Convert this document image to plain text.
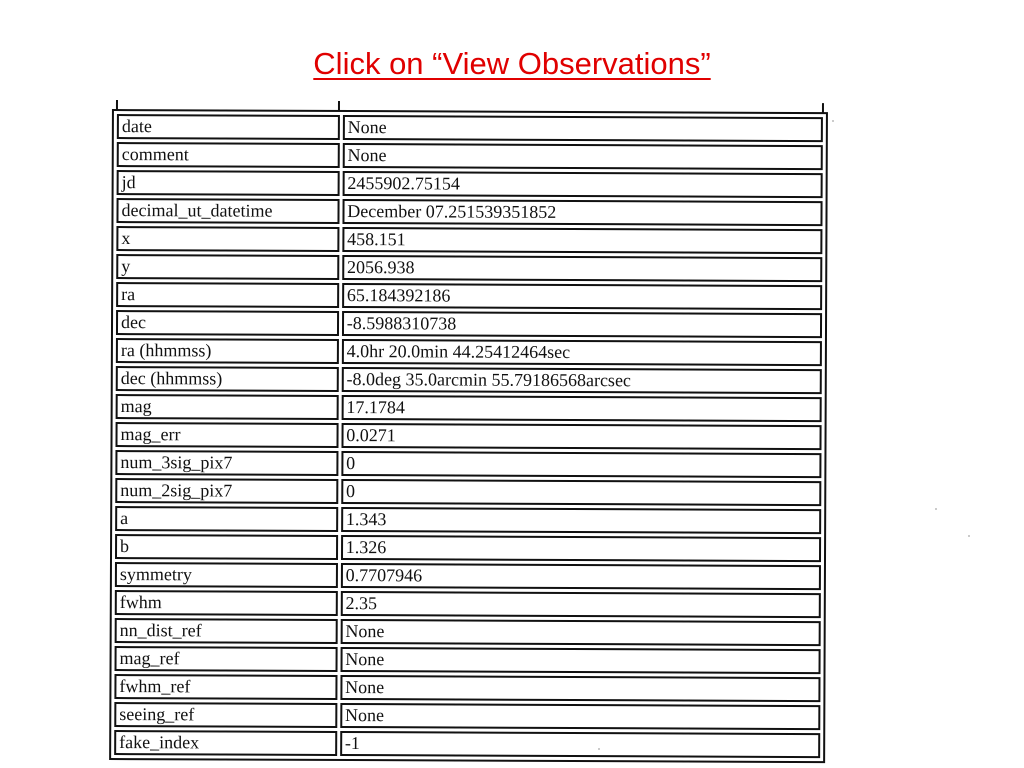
Click on “View Observations”
date	None
comment	None
jd	2455902.75154
decimal_ut_datetime	December 07.251539351852
x	458.151
y	2056.938
ra	65.184392186
dec	-8.5988310738
ra (hhmmss)	4.0hr 20.0min 44.25412464sec
dec (hhmmss)	-8.0deg 35.0arcmin 55.79186568arcsec
mag	17.1784
mag_err	0.0271
num_3sig_pix7	0
num_2sig_pix7	0
a	1.343
b	1.326
symmetry	0.7707946
fwhm	2.35
nn_dist_ref	None
mag_ref	None
fwhm_ref	None
seeing_ref	None
fake_index	-1
